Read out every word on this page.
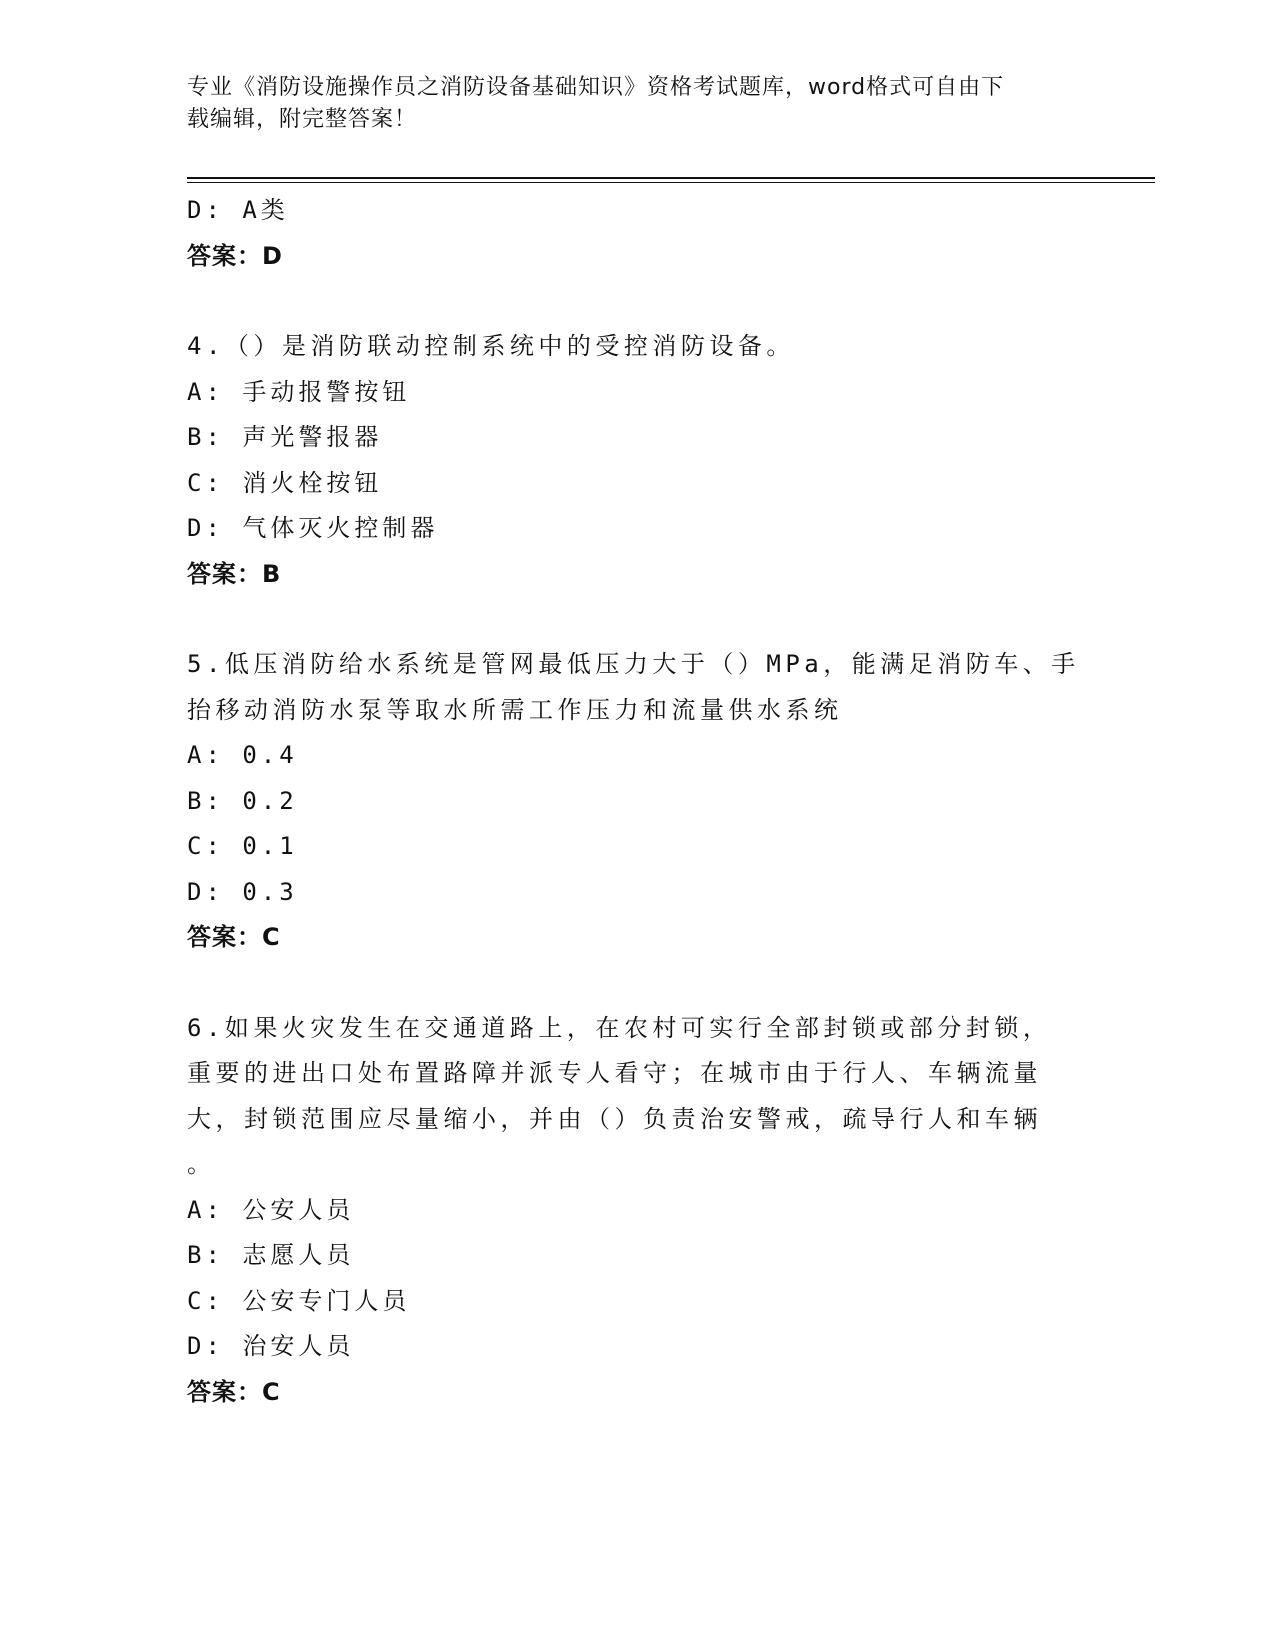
专业《消防设施操作员之消防设备基础知识》资格考试题库，word格式可自由下
载编辑，附完整答案！
D: A类
答案：D
4.（）是消防联动控制系统中的受控消防设备。
A: 手动报警按钮
B: 声光警报器
C: 消火栓按钮
D: 气体灭火控制器
答案：B
5.低压消防给水系统是管网最低压力大于（）MPa，能满足消防车、手
抬移动消防水泵等取水所需工作压力和流量供水系统
A: 0.4
B: 0.2
C: 0.1
D: 0.3
答案：C
6.如果火灾发生在交通道路上，在农村可实行全部封锁或部分封锁，
重要的进出口处布置路障并派专人看守；在城市由于行人、车辆流量
大，封锁范围应尽量缩小，并由（）负责治安警戒，疏导行人和车辆
。
A: 公安人员
B: 志愿人员
C: 公安专门人员
D: 治安人员
答案：C
